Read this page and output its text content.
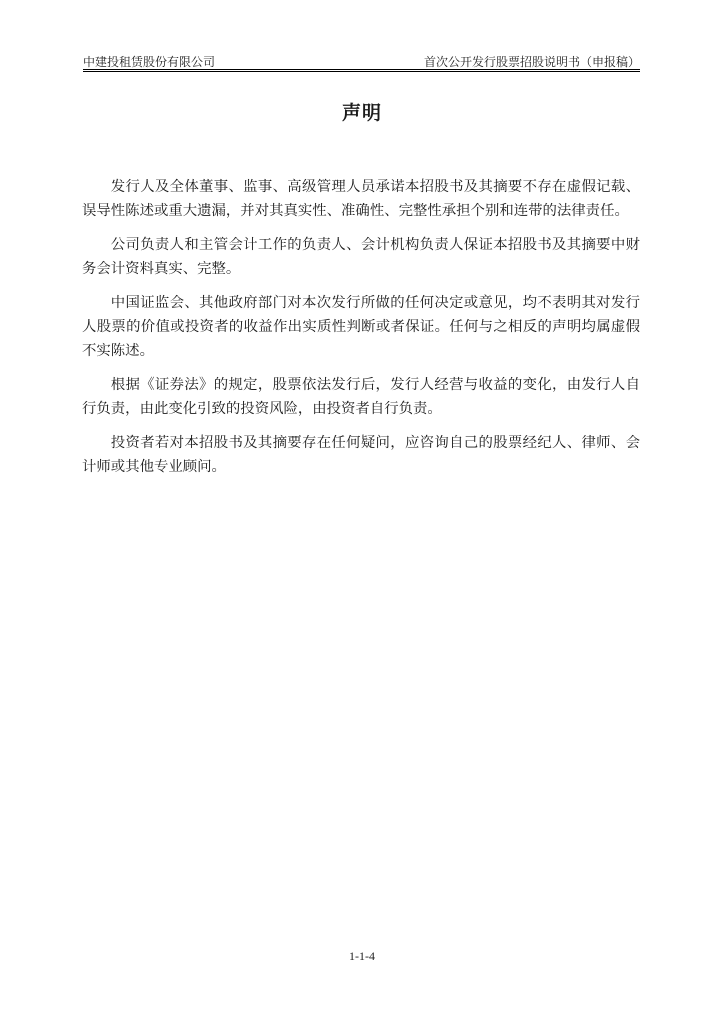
中建投租赁股份有限公司	首次公开发行股票招股说明书（申报稿）
声明

发行人及全体董事、监事、高级管理人员承诺本招股书及其摘要不存在虚假记载、误导性陈述或重大遗漏，并对其真实性、准确性、完整性承担个别和连带的法律责任。

公司负责人和主管会计工作的负责人、会计机构负责人保证本招股书及其摘要中财务会计资料真实、完整。

中国证监会、其他政府部门对本次发行所做的任何决定或意见，均不表明其对发行人股票的价值或投资者的收益作出实质性判断或者保证。任何与之相反的声明均属虚假不实陈述。

根据《证券法》的规定，股票依法发行后，发行人经营与收益的变化，由发行人自行负责，由此变化引致的投资风险，由投资者自行负责。

投资者若对本招股书及其摘要存在任何疑问，应咨询自己的股票经纪人、律师、会计师或其他专业顾问。

1-1-4
